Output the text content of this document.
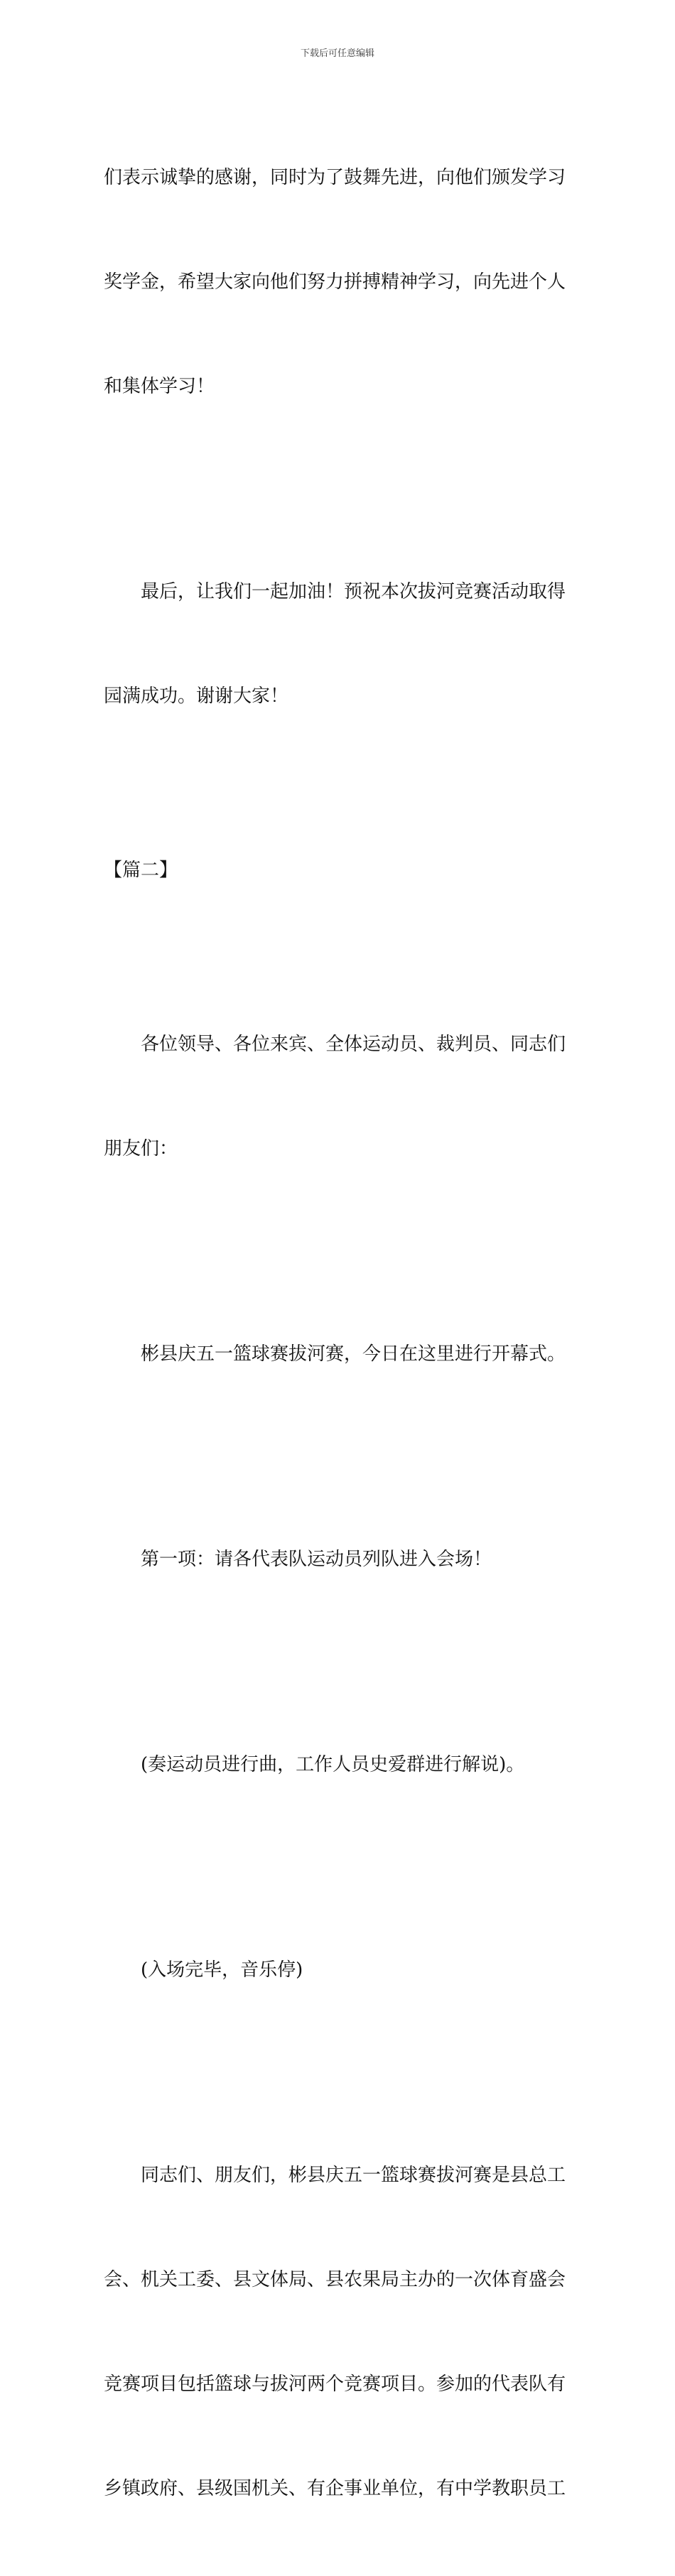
下载后可任意编辑

们表示诚挚的感谢，同时为了鼓舞先进，向他们颁发学习

奖学金，希望大家向他们努力拼搏精神学习，向先进个人

和集体学习！

最后，让我们一起加油！预祝本次拔河竞赛活动取得

园满成功。谢谢大家！

【篇二】

各位领导、各位来宾、全体运动员、裁判员、同志们

朋友们：

彬县庆五一篮球赛拔河赛，今日在这里进行开幕式。

第一项：请各代表队运动员列队进入会场！

(奏运动员进行曲，工作人员史爱群进行解说)。

(入场完毕，音乐停)

同志们、朋友们，彬县庆五一篮球赛拔河赛是县总工

会、机关工委、县文体局、县农果局主办的一次体育盛会

竞赛项目包括篮球与拔河两个竞赛项目。参加的代表队有

乡镇政府、县级国机关、有企事业单位，有中学教职员工
